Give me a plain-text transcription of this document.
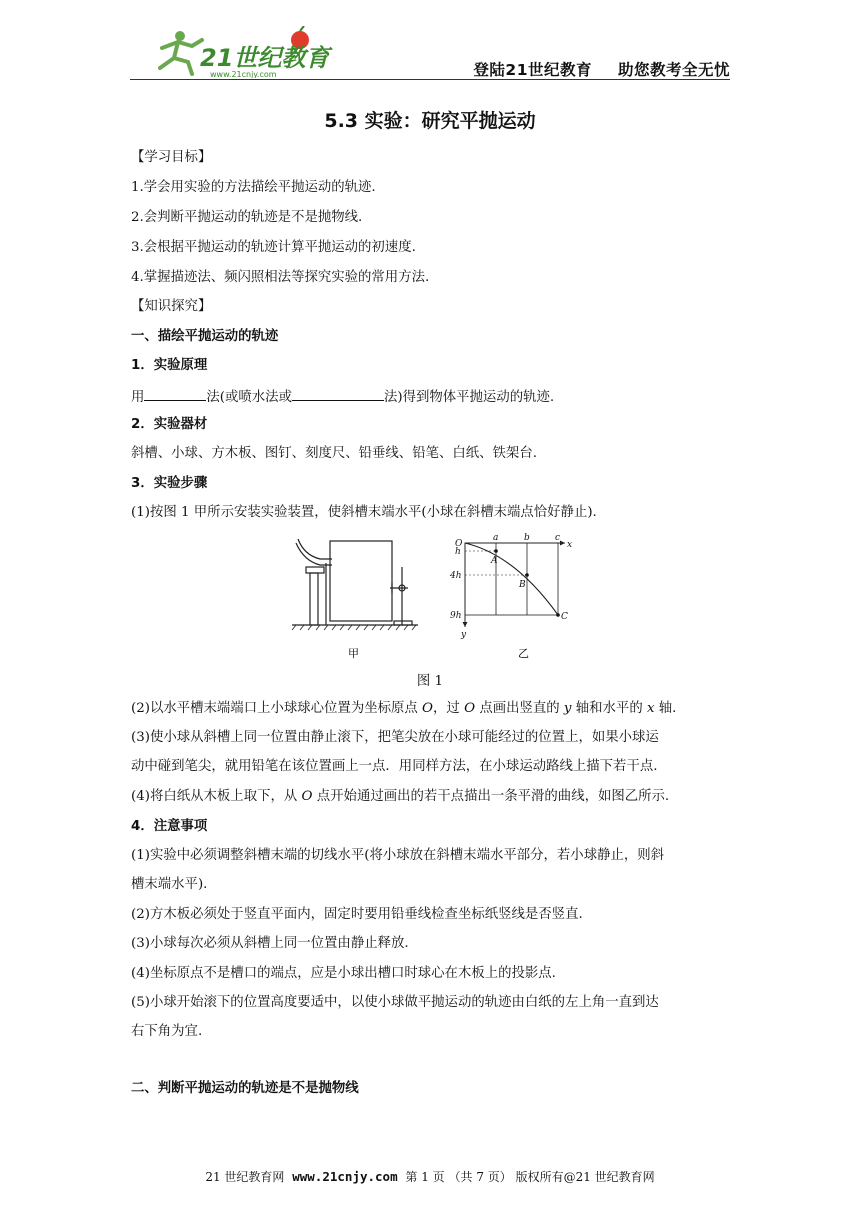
21世纪教育
www.21cnjy.com	登陆21世纪教育 助您教考全无忧
5.3 实验：研究平抛运动
【学习目标】
1.学会用实验的方法描绘平抛运动的轨迹.
2.会判断平抛运动的轨迹是不是抛物线.
3.会根据平抛运动的轨迹计算平抛运动的初速度.
4.掌握描迹法、频闪照相法等探究实验的常用方法.
【知识探究】
一、描绘平抛运动的轨迹
1．实验原理
用	法(或喷水法或	法)得到物体平抛运动的轨迹.
2．实验器材
斜槽、小球、方木板、图钉、刻度尺、铅垂线、铅笔、白纸、铁架台.
3．实验步骤
(1)按图 1 甲所示安装实验装置，使斜槽末端水平(小球在斜槽末端点恰好静止).
O	x
y
a	b	c
h
4h
9h
A
B
C
甲	乙
图 1
(2)以水平槽末端端口上小球球心位置为坐标原点 O，过 O 点画出竖直的 y 轴和水平的 x 轴.
(3)使小球从斜槽上同一位置由静止滚下，把笔尖放在小球可能经过的位置上，如果小球运
动中碰到笔尖，就用铅笔在该位置画上一点．用同样方法，在小球运动路线上描下若干点.
(4)将白纸从木板上取下，从 O 点开始通过画出的若干点描出一条平滑的曲线，如图乙所示.
4．注意事项
(1)实验中必须调整斜槽末端的切线水平(将小球放在斜槽末端水平部分，若小球静止，则斜
槽末端水平).
(2)方木板必须处于竖直平面内，固定时要用铅垂线检查坐标纸竖线是否竖直.
(3)小球每次必须从斜槽上同一位置由静止释放.
(4)坐标原点不是槽口的端点，应是小球出槽口时球心在木板上的投影点.
(5)小球开始滚下的位置高度要适中，以使小球做平抛运动的轨迹由白纸的左上角一直到达
右下角为宜.
二、判断平抛运动的轨迹是不是抛物线
21 世纪教育网 www.21cnjy.com 第 1 页 （共 7 页） 版权所有@21 世纪教育网
